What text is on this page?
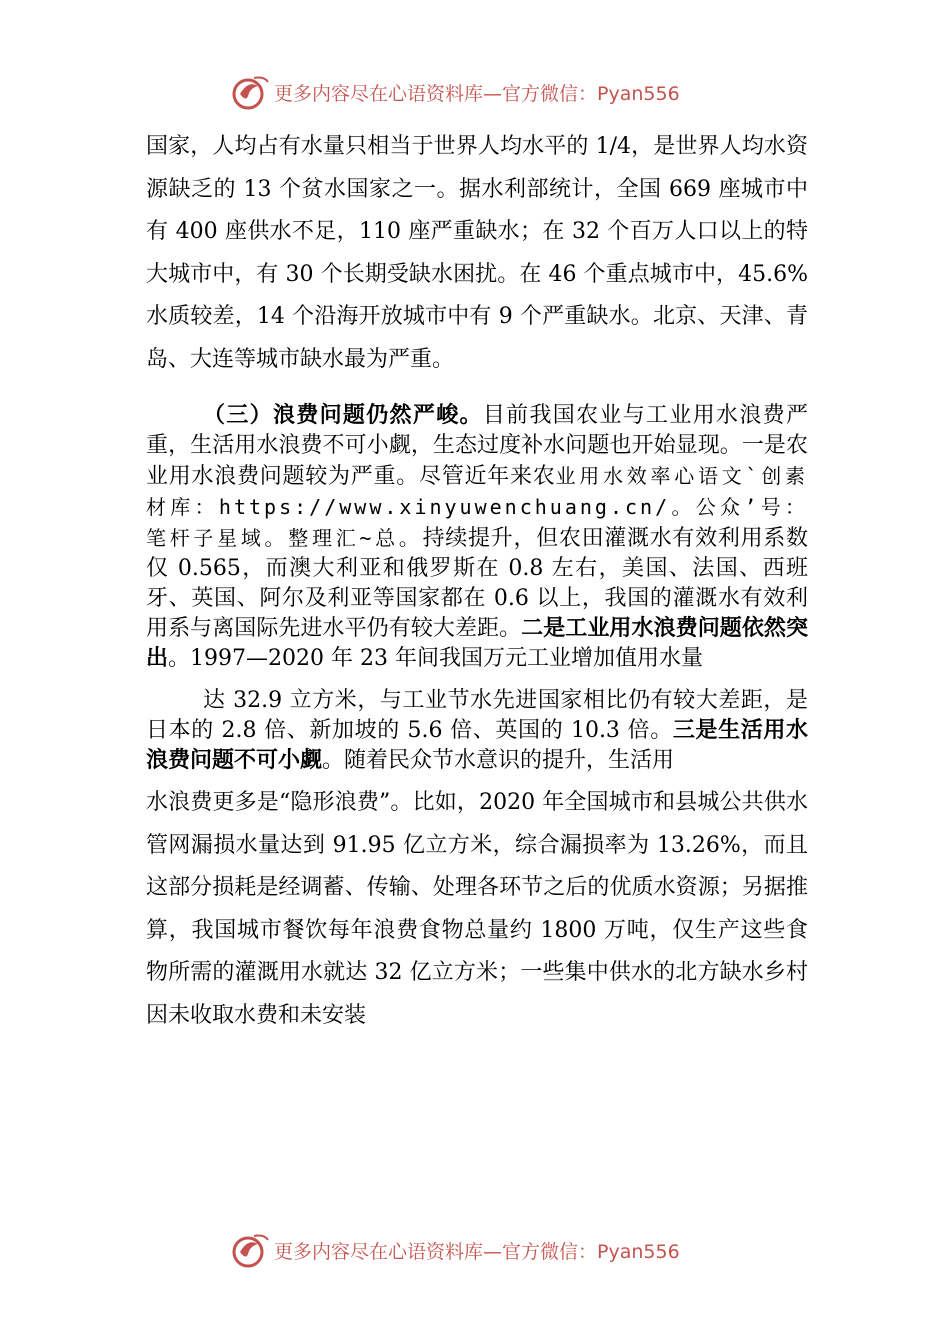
更多内容尽在心语资料库—官方微信：Pyan556

国家，人均占有水量只相当于世界人均水平的 1/4，是世界人均水资源缺乏的 13 个贫水国家之一。据水利部统计，全国 669 座城市中有 400 座供水不足，110 座严重缺水；在 32 个百万人口以上的特大城市中，有 30 个长期受缺水困扰。在 46 个重点城市中，45.6%水质较差，14 个沿海开放城市中有 9 个严重缺水。北京、天津、青岛、大连等城市缺水最为严重。

（三）浪费问题仍然严峻。目前我国农业与工业用水浪费严重，生活用水浪费不可小觑，生态过度补水问题也开始显现。一是农业用水浪费问题较为严重。尽管近年来农业用水效率心语文`创素材库：https://www.xinyuwenchuang.cn/。公众’号：笔杆子星域。整理汇~总。持续提升，但农田灌溉水有效利用系数仅 0.565，而澳大利亚和俄罗斯在 0.8 左右，美国、法国、西班牙、英国、阿尔及利亚等国家都在 0.6 以上，我国的灌溉水有效利用系与离国际先进水平仍有较大差距。二是工业用水浪费问题依然突出。1997—2020 年 23 年间我国万元工业增加值用水量
达 32.9 立方米，与工业节水先进国家相比仍有较大差距，是日本的 2.8 倍、新加坡的 5.6 倍、英国的 10.3 倍。三是生活用水浪费问题不可小觑。随着民众节水意识的提升，生活用

水浪费更多是“隐形浪费”。比如，2020 年全国城市和县城公共供水管网漏损水量达到 91.95 亿立方米，综合漏损率为 13.26%，而且这部分损耗是经调蓄、传输、处理各环节之后的优质水资源；另据推算，我国城市餐饮每年浪费食物总量约 1800 万吨，仅生产这些食物所需的灌溉用水就达 32 亿立方米；一些集中供水的北方缺水乡村因未收取水费和未安装

更多内容尽在心语资料库—官方微信：Pyan556
